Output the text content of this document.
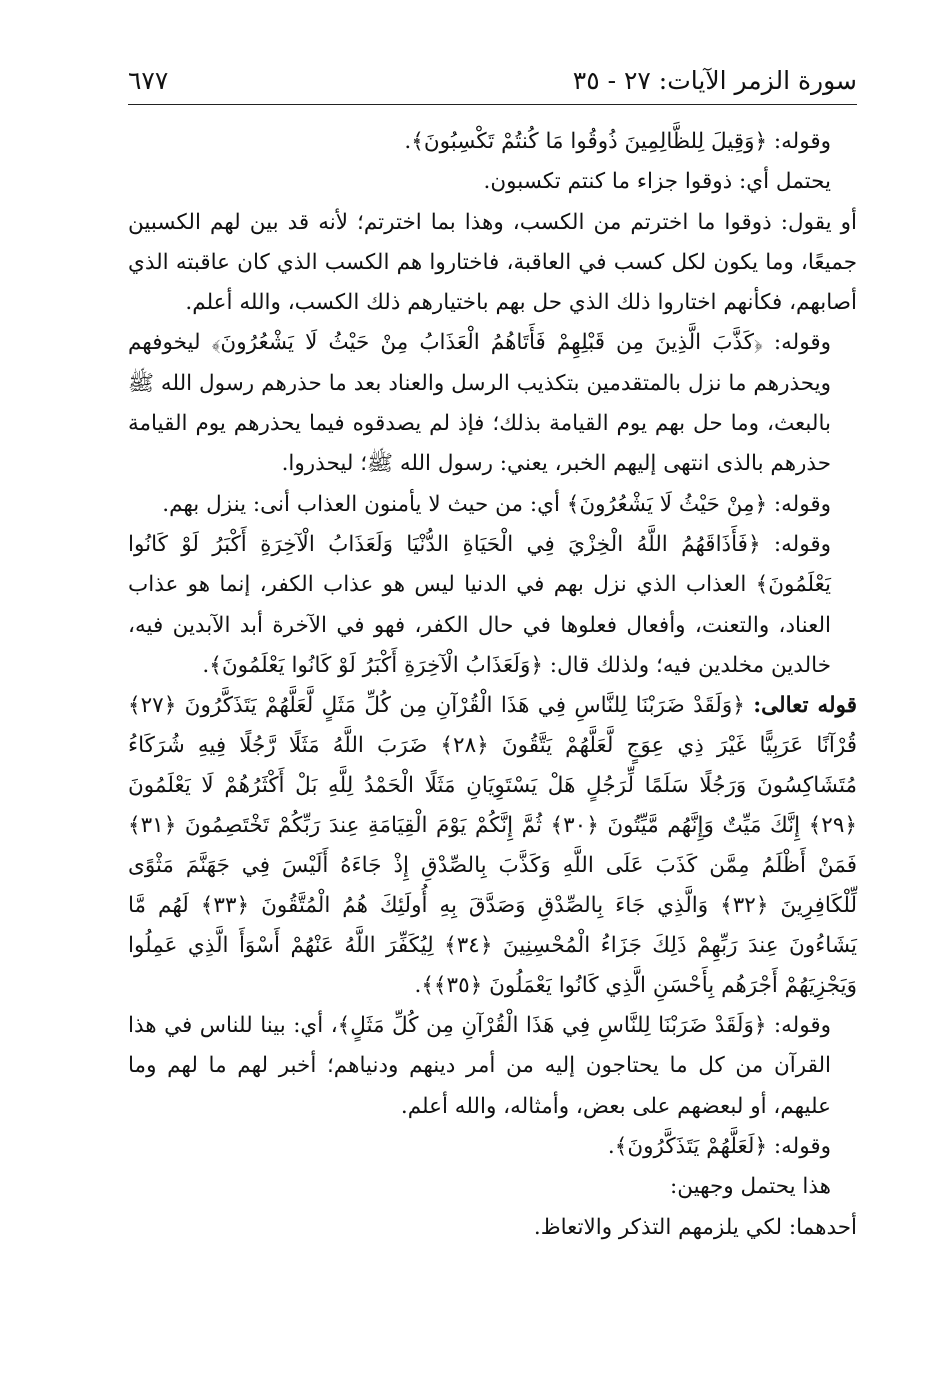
سورة الزمر الآيات: ٢٧ - ٣٥
٦٧٧

وقوله: ﴿وَقِيلَ لِلظَّالِمِينَ ذُوقُوا مَا كُنتُمْ تَكْسِبُونَ﴾.

يحتمل أي: ذوقوا جزاء ما كنتم تكسبون.

أو يقول: ذوقوا ما اخترتم من الكسب، وهذا بما اخترتم؛ لأنه قد بين لهم الكسبين جميعًا، وما يكون لكل كسب في العاقبة، فاختاروا هم الكسب الذي كان عاقبته الذي أصابهم، فكأنهم اختاروا ذلك الذي حل بهم باختيارهم ذلك الكسب، والله أعلم.

وقوله: ﴿كَذَّبَ الَّذِينَ مِن قَبْلِهِمْ فَأَتَاهُمُ الْعَذَابُ مِنْ حَيْثُ لَا يَشْعُرُونَ﴾ ليخوفهم ويحذرهم ما نزل بالمتقدمين بتكذيب الرسل والعناد بعد ما حذرهم رسول الله ﷺ بالبعث، وما حل بهم يوم القيامة بذلك؛ فإذ لم يصدقوه فيما يحذرهم يوم القيامة حذرهم بالذى انتهى إليهم الخبر، يعني: رسول الله ﷺ؛ ليحذروا.

وقوله: ﴿مِنْ حَيْثُ لَا يَشْعُرُونَ﴾ أي: من حيث لا يأمنون العذاب أنى: ينزل بهم.

وقوله: ﴿فَأَذَاقَهُمُ اللَّهُ الْخِزْيَ فِي الْحَيَاةِ الدُّنْيَا وَلَعَذَابُ الْآخِرَةِ أَكْبَرُ لَوْ كَانُوا يَعْلَمُونَ﴾ العذاب الذي نزل بهم في الدنيا ليس هو عذاب الكفر، إنما هو عذاب العناد، والتعنت، وأفعال فعلوها في حال الكفر، فهو في الآخرة أبد الآبدين فيه، خالدين مخلدين فيه؛ ولذلك قال: ﴿وَلَعَذَابُ الْآخِرَةِ أَكْبَرُ لَوْ كَانُوا يَعْلَمُونَ﴾.

قوله تعالى: ﴿وَلَقَدْ ضَرَبْنَا لِلنَّاسِ فِي هَذَا الْقُرْآنِ مِن كُلِّ مَثَلٍ لَّعَلَّهُمْ يَتَذَكَّرُونَ ﴿٢٧﴾ قُرْآنًا عَرَبِيًّا غَيْرَ ذِي عِوَجٍ لَّعَلَّهُمْ يَتَّقُونَ ﴿٢٨﴾ ضَرَبَ اللَّهُ مَثَلًا رَّجُلًا فِيهِ شُرَكَاءُ مُتَشَاكِسُونَ وَرَجُلًا سَلَمًا لِّرَجُلٍ هَلْ يَسْتَوِيَانِ مَثَلًا الْحَمْدُ لِلَّهِ بَلْ أَكْثَرُهُمْ لَا يَعْلَمُونَ ﴿٢٩﴾ إِنَّكَ مَيِّتٌ وَإِنَّهُم مَّيِّتُونَ ﴿٣٠﴾ ثُمَّ إِنَّكُمْ يَوْمَ الْقِيَامَةِ عِندَ رَبِّكُمْ تَخْتَصِمُونَ ﴿٣١﴾ فَمَنْ أَظْلَمُ مِمَّن كَذَبَ عَلَى اللَّهِ وَكَذَّبَ بِالصِّدْقِ إِذْ جَاءَهُ أَلَيْسَ فِي جَهَنَّمَ مَثْوًى لِّلْكَافِرِينَ ﴿٣٢﴾ وَالَّذِي جَاءَ بِالصِّدْقِ وَصَدَّقَ بِهِ أُولَئِكَ هُمُ الْمُتَّقُونَ ﴿٣٣﴾ لَهُم مَّا يَشَاءُونَ عِندَ رَبِّهِمْ ذَلِكَ جَزَاءُ الْمُحْسِنِينَ ﴿٣٤﴾ لِيُكَفِّرَ اللَّهُ عَنْهُمْ أَسْوَأَ الَّذِي عَمِلُوا وَيَجْزِيَهُمْ أَجْرَهُم بِأَحْسَنِ الَّذِي كَانُوا يَعْمَلُونَ ﴿٣٥﴾﴾.

وقوله: ﴿وَلَقَدْ ضَرَبْنَا لِلنَّاسِ فِي هَذَا الْقُرْآنِ مِن كُلِّ مَثَلٍ﴾، أي: بينا للناس في هذا القرآن من كل ما يحتاجون إليه من أمر دينهم ودنياهم؛ أخبر لهم ما لهم وما عليهم، أو لبعضهم على بعض، وأمثاله، والله أعلم.

وقوله: ﴿لَعَلَّهُمْ يَتَذَكَّرُونَ﴾.

هذا يحتمل وجهين:

أحدهما: لكي يلزمهم التذكر والاتعاظ.
